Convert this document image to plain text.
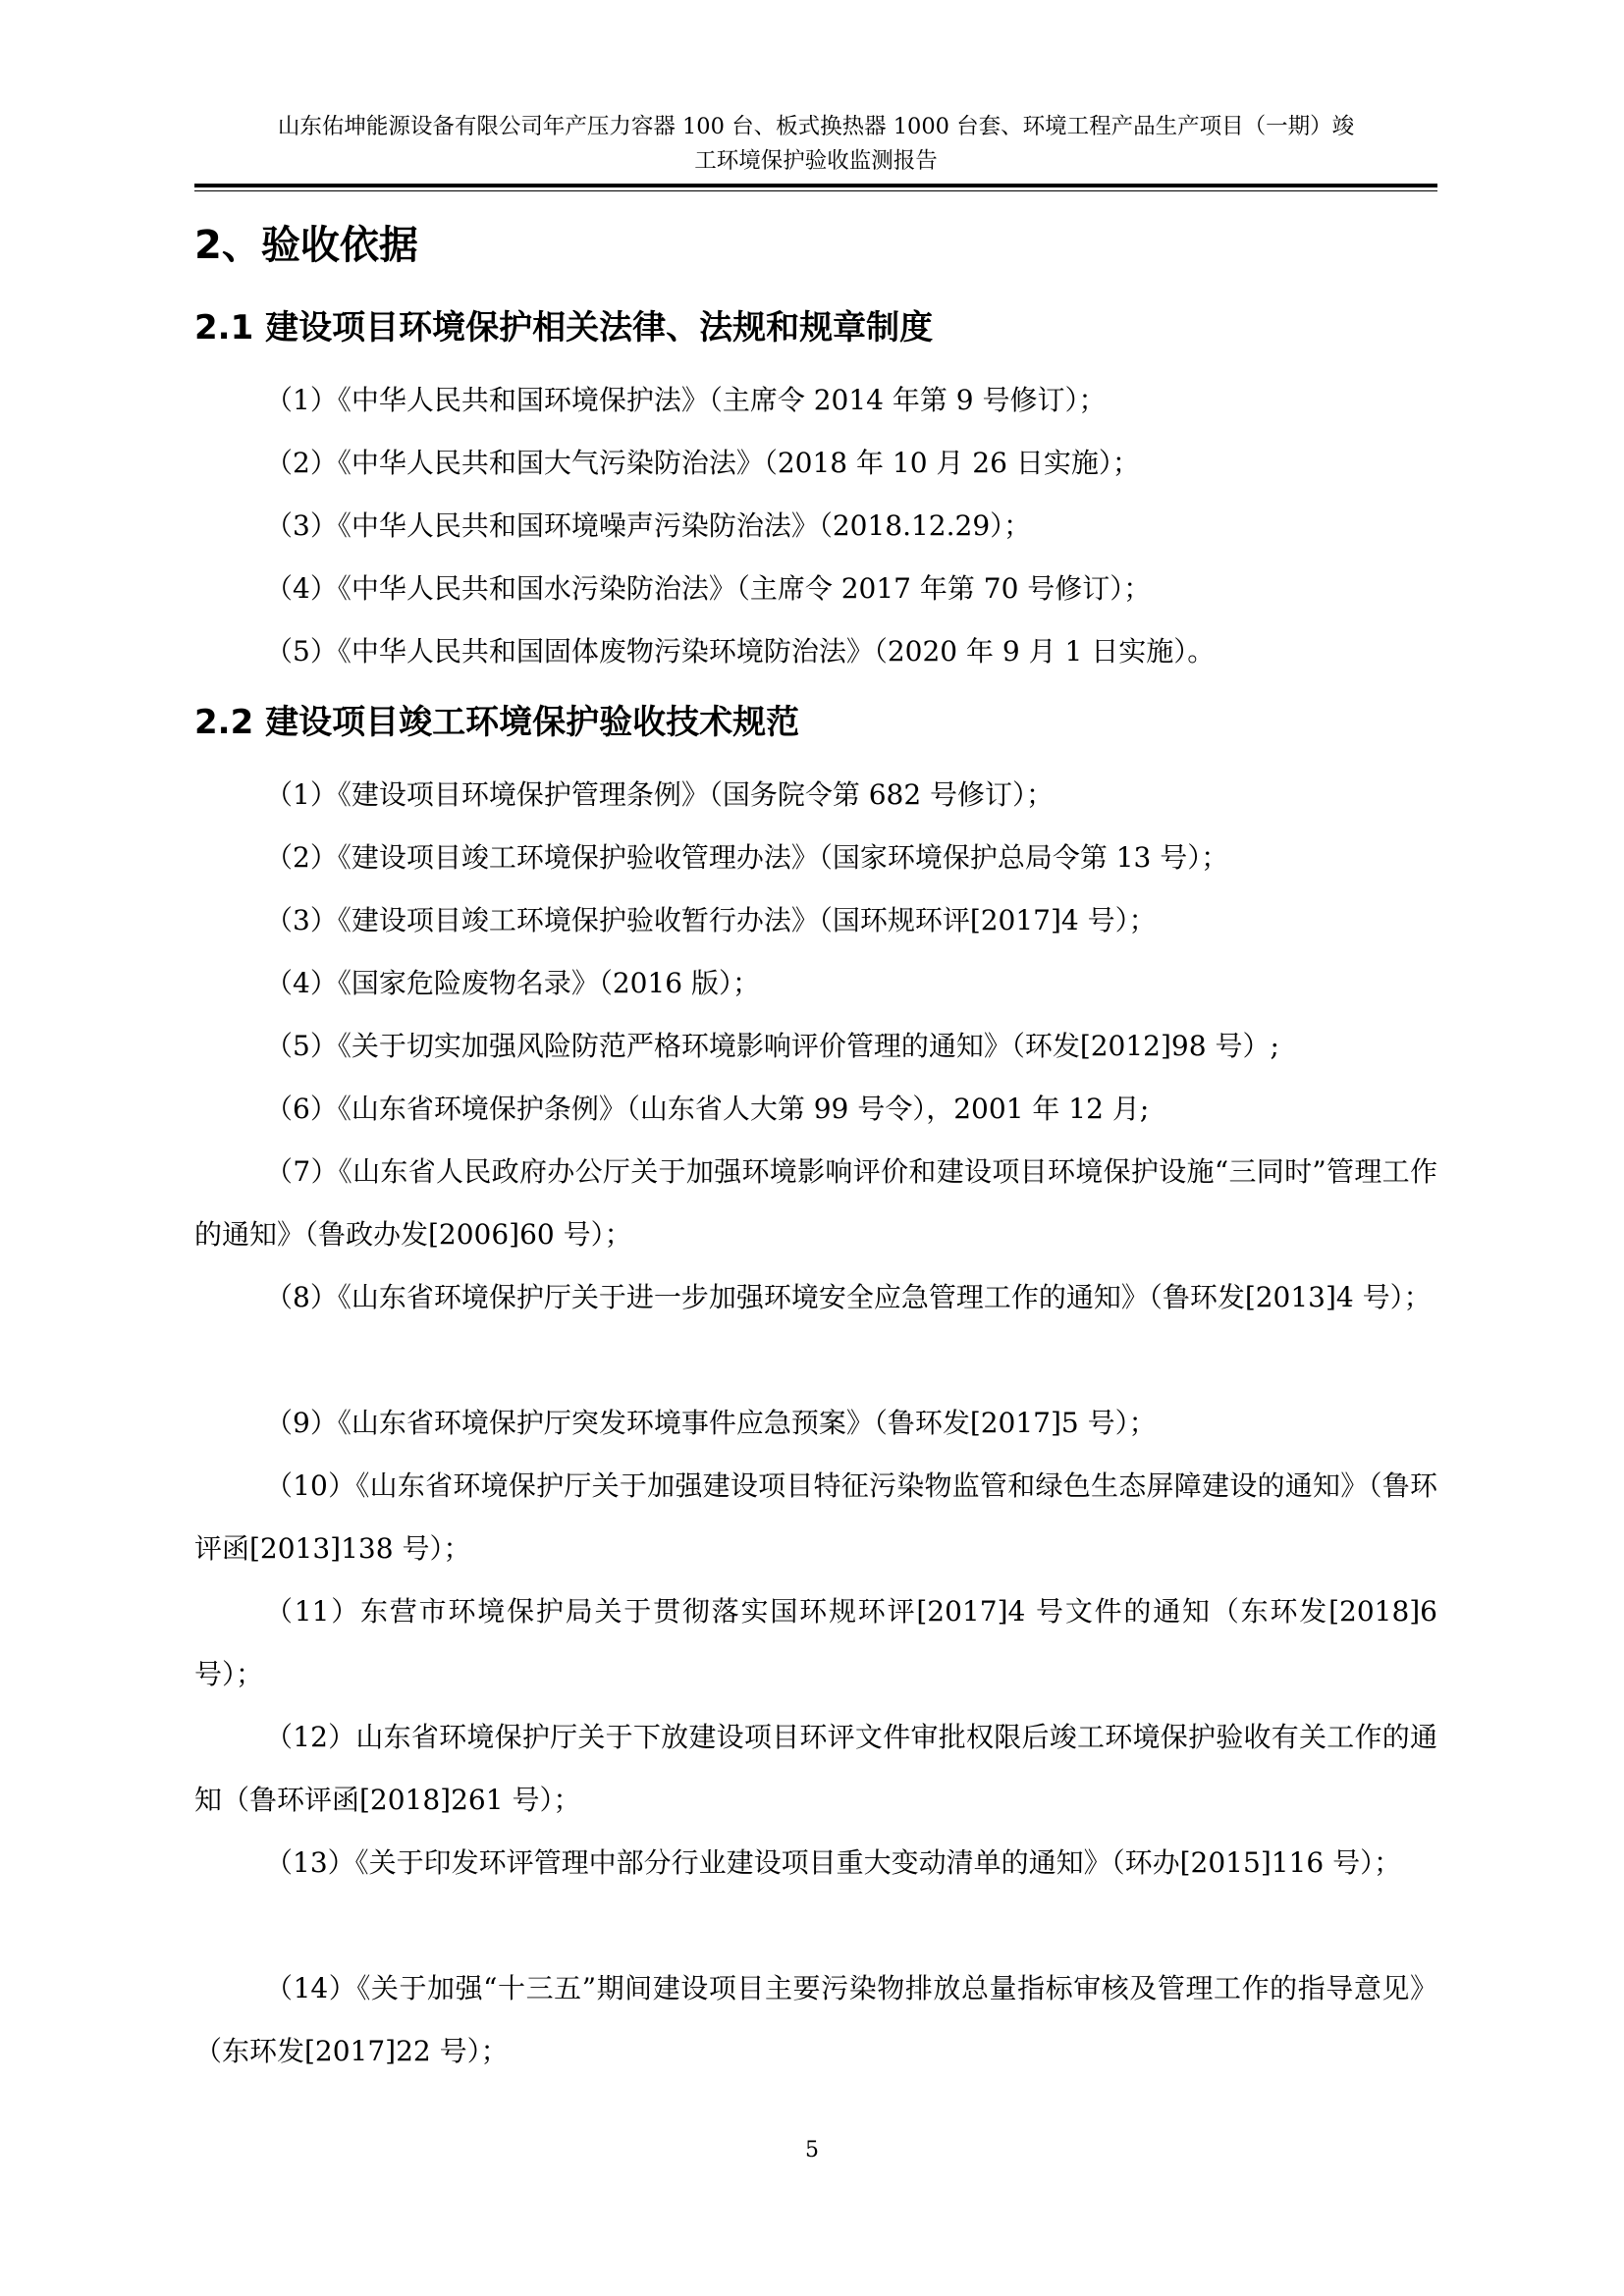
山东佑坤能源设备有限公司年产压力容器 100 台、板式换热器 1000 台套、环境工程产品生产项目（一期）竣
工环境保护验收监测报告
2、验收依据
2.1 建设项目环境保护相关法律、法规和规章制度
（1）《中华人民共和国环境保护法》（主席令 2014 年第 9 号修订）；
（2）《中华人民共和国大气污染防治法》（2018 年 10 月 26 日实施）；
（3）《中华人民共和国环境噪声污染防治法》（2018.12.29）；
（4）《中华人民共和国水污染防治法》（主席令 2017 年第 70 号修订）；
（5）《中华人民共和国固体废物污染环境防治法》（2020 年 9 月 1 日实施）。
2.2 建设项目竣工环境保护验收技术规范
（1）《建设项目环境保护管理条例》（国务院令第 682 号修订）；
（2）《建设项目竣工环境保护验收管理办法》（国家环境保护总局令第 13 号）；
（3）《建设项目竣工环境保护验收暂行办法》（国环规环评[2017]4 号）；
（4）《国家危险废物名录》（2016 版）；
（5）《关于切实加强风险防范严格环境影响评价管理的通知》（环发[2012]98 号）;
（6）《山东省环境保护条例》（山东省人大第 99 号令），2001 年 12 月;
（7）《山东省人民政府办公厅关于加强环境影响评价和建设项目环境保护设施“三同时”管理工作的通知》（鲁政办发[2006]60 号）；
（8）《山东省环境保护厅关于进一步加强环境安全应急管理工作的通知》（鲁环发[2013]4 号）；
（9）《山东省环境保护厅突发环境事件应急预案》（鲁环发[2017]5 号）；
（10）《山东省环境保护厅关于加强建设项目特征污染物监管和绿色生态屏障建设的通知》（鲁环评函[2013]138 号）；
（11）东营市环境保护局关于贯彻落实国环规环评[2017]4 号文件的通知（东环发[2018]6 号）；
（12）山东省环境保护厅关于下放建设项目环评文件审批权限后竣工环境保护验收有关工作的通知（鲁环评函[2018]261 号）；
（13）《关于印发环评管理中部分行业建设项目重大变动清单的通知》（环办[2015]116 号）；
（14）《关于加强“十三五”期间建设项目主要污染物排放总量指标审核及管理工作的指导意见》（东环发[2017]22 号）；
5
